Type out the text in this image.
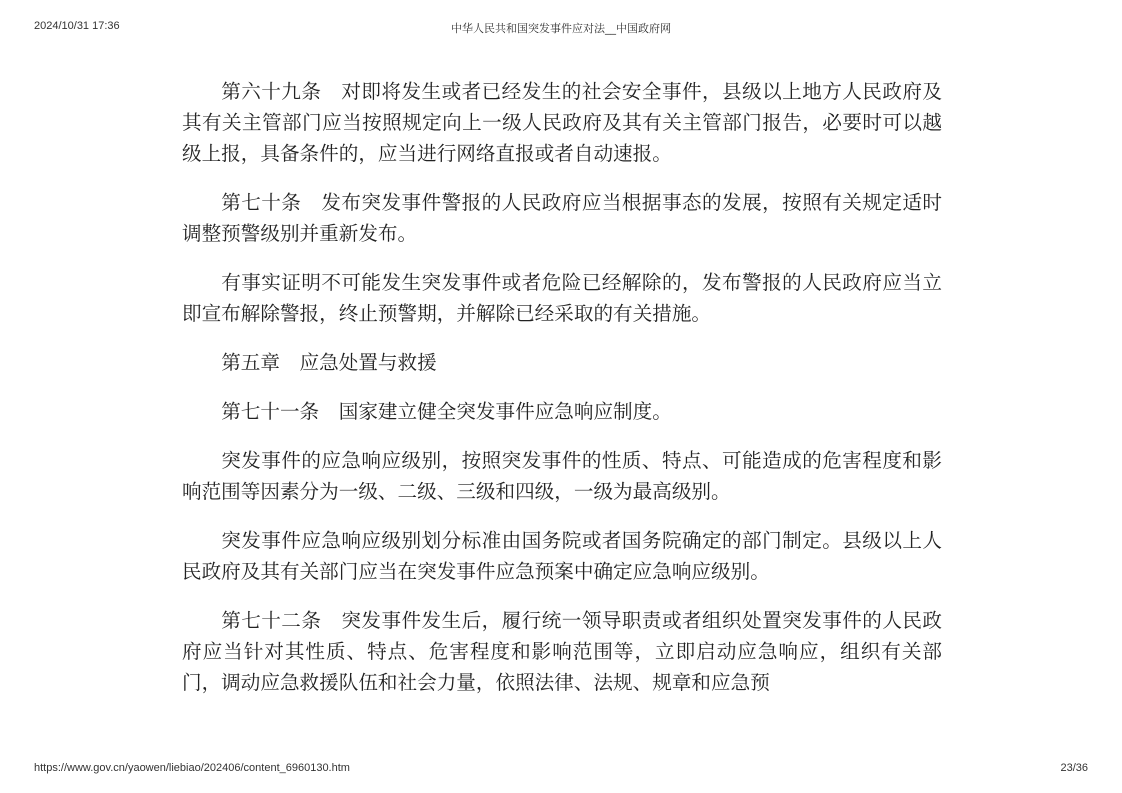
2024/10/31 17:36	中华人民共和国突发事件应对法__中国政府网

第六十九条　对即将发生或者已经发生的社会安全事件，县级以上地方人民政府及其有关主管部门应当按照规定向上一级人民政府及其有关主管部门报告，必要时可以越级上报，具备条件的，应当进行网络直报或者自动速报。

第七十条　发布突发事件警报的人民政府应当根据事态的发展，按照有关规定适时调整预警级别并重新发布。

有事实证明不可能发生突发事件或者危险已经解除的，发布警报的人民政府应当立即宣布解除警报，终止预警期，并解除已经采取的有关措施。

第五章　应急处置与救援

第七十一条　国家建立健全突发事件应急响应制度。

突发事件的应急响应级别，按照突发事件的性质、特点、可能造成的危害程度和影响范围等因素分为一级、二级、三级和四级，一级为最高级别。

突发事件应急响应级别划分标准由国务院或者国务院确定的部门制定。县级以上人民政府及其有关部门应当在突发事件应急预案中确定应急响应级别。

第七十二条　突发事件发生后，履行统一领导职责或者组织处置突发事件的人民政府应当针对其性质、特点、危害程度和影响范围等，立即启动应急响应，组织有关部门，调动应急救援队伍和社会力量，依照法律、法规、规章和应急预

https://www.gov.cn/yaowen/liebiao/202406/content_6960130.htm	23/36
